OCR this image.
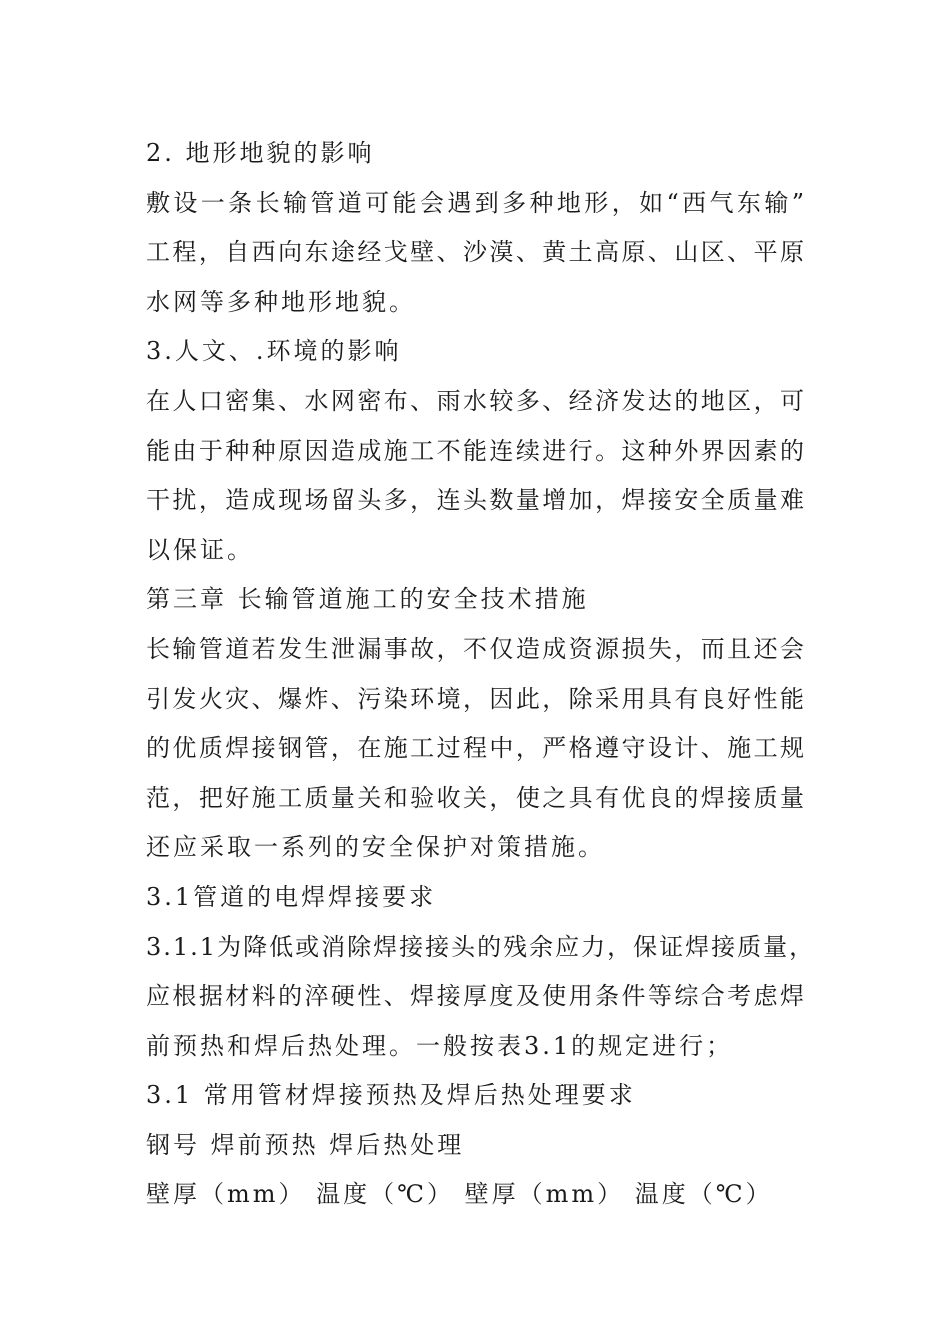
2. 地形地貌的影响
敷设一条长输管道可能会遇到多种地形，如“西气东输”
工程，自西向东途经戈壁、沙漠、黄土高原、山区、平原
水网等多种地形地貌。
3.人文、.环境的影响
在人口密集、水网密布、雨水较多、经济发达的地区，可
能由于种种原因造成施工不能连续进行。这种外界因素的
干扰，造成现场留头多，连头数量增加，焊接安全质量难
以保证。
第三章 长输管道施工的安全技术措施
长输管道若发生泄漏事故，不仅造成资源损失，而且还会
引发火灾、爆炸、污染环境，因此，除采用具有良好性能
的优质焊接钢管，在施工过程中，严格遵守设计、施工规
范，把好施工质量关和验收关，使之具有优良的焊接质量
还应采取一系列的安全保护对策措施。
3.1管道的电焊焊接要求
3.1.1为降低或消除焊接接头的残余应力，保证焊接质量，
应根据材料的淬硬性、焊接厚度及使用条件等综合考虑焊
前预热和焊后热处理。一般按表3.1的规定进行；
3.1 常用管材焊接预热及焊后热处理要求
钢号 焊前预热 焊后热处理
壁厚（mm） 温度（℃） 壁厚（mm） 温度（℃）
